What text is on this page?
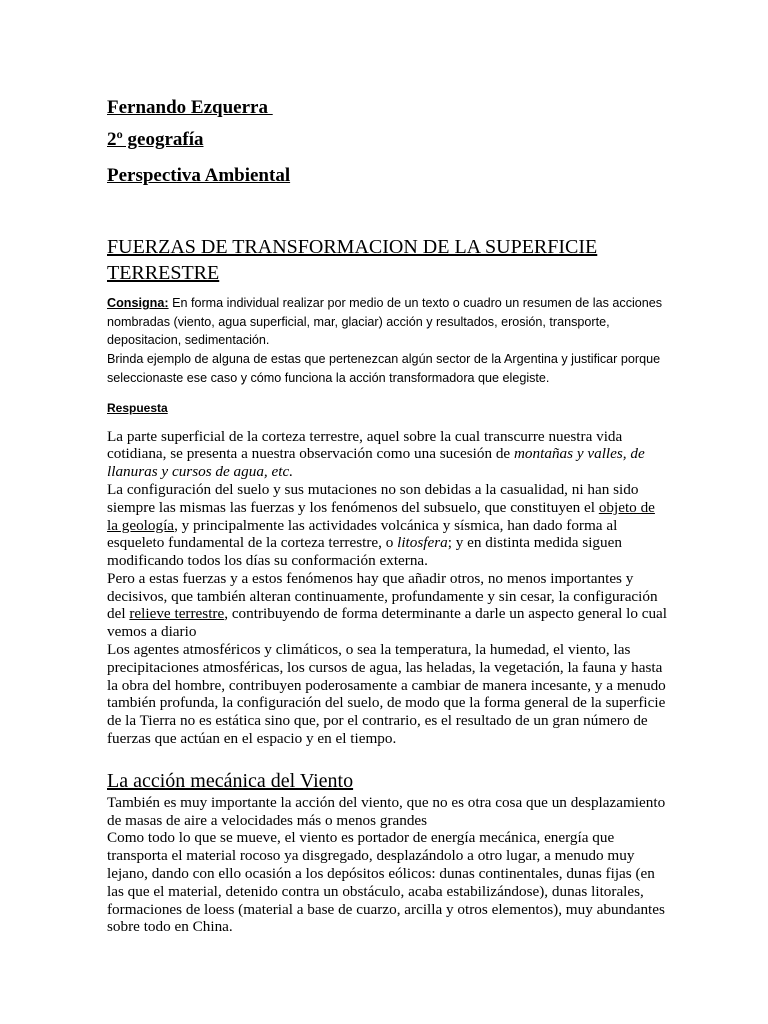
Fernando Ezquerra

2º geografía

Perspectiva Ambiental

FUERZAS DE TRANSFORMACION DE LA SUPERFICIE TERRESTRE

Consigna: En forma individual realizar por medio de un texto o cuadro un resumen de las acciones nombradas (viento, agua superficial, mar, glaciar) acción y resultados, erosión, transporte, depositacion, sedimentación.

Brinda ejemplo de alguna de estas que pertenezcan algún sector de la Argentina y justificar porque seleccionaste ese caso y cómo funciona la acción transformadora que elegiste.

Respuesta

La parte superficial de la corteza terrestre, aquel sobre la cual transcurre nuestra vida cotidiana, se presenta a nuestra observación como una sucesión de montañas y valles, de llanuras y cursos de agua, etc.

La configuración del suelo y sus mutaciones no son debidas a la casualidad, ni han sido siempre las mismas las fuerzas y los fenómenos del subsuelo, que constituyen el objeto de la geología, y principalmente las actividades volcánica y sísmica, han dado forma al esqueleto fundamental de la corteza terrestre, o litosfera; y en distinta medida siguen modificando todos los días su conformación externa.

Pero a estas fuerzas y a estos fenómenos hay que añadir otros, no menos importantes y decisivos, que también alteran continuamente, profundamente y sin cesar, la configuración del relieve terrestre, contribuyendo de forma determinante a darle un aspecto general lo cual vemos a diario

Los agentes atmosféricos y climáticos, o sea la temperatura, la humedad, el viento, las precipitaciones atmosféricas, los cursos de agua, las heladas, la vegetación, la fauna y hasta la obra del hombre, contribuyen poderosamente a cambiar de manera incesante, y a menudo también profunda, la configuración del suelo, de modo que la forma general de la superficie de la Tierra no es estática sino que, por el contrario, es el resultado de un gran número de fuerzas que actúan en el espacio y en el tiempo.

La acción mecánica del Viento

También es muy importante la acción del viento, que no es otra cosa que un desplazamiento de masas de aire a velocidades más o menos grandes

Como todo lo que se mueve, el viento es portador de energía mecánica, energía que transporta el material rocoso ya disgregado, desplazándolo a otro lugar, a menudo muy lejano, dando con ello ocasión a los depósitos eólicos: dunas continentales, dunas fijas (en las que el material, detenido contra un obstáculo, acaba estabilizándose), dunas litorales, formaciones de loess (material a base de cuarzo, arcilla y otros elementos), muy abundantes sobre todo en China.
